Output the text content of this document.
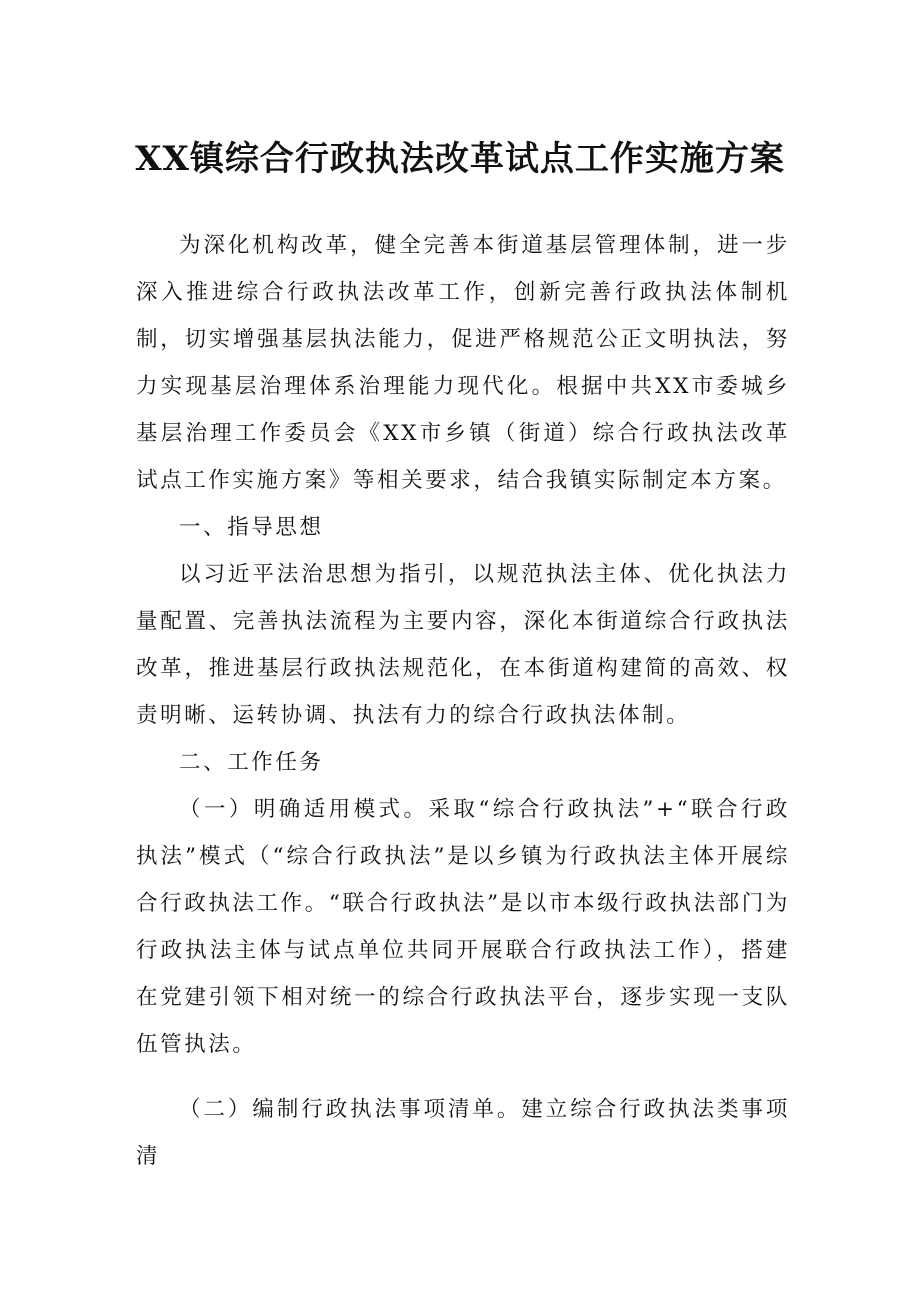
XX镇综合行政执法改革试点工作实施方案

为深化机构改革，健全完善本街道基层管理体制，进一步深入推进综合行政执法改革工作，创新完善行政执法体制机制，切实增强基层执法能力，促进严格规范公正文明执法，努力实现基层治理体系治理能力现代化。根据中共XX市委城乡基层治理工作委员会《XX市乡镇（街道）综合行政执法改革试点工作实施方案》等相关要求，结合我镇实际制定本方案。

一、指导思想

以习近平法治思想为指引，以规范执法主体、优化执法力量配置、完善执法流程为主要内容，深化本街道综合行政执法改革，推进基层行政执法规范化，在本街道构建简的高效、权责明晰、运转协调、执法有力的综合行政执法体制。

二、工作任务

（一）明确适用模式。采取“综合行政执法”+“联合行政执法”模式（“综合行政执法”是以乡镇为行政执法主体开展综合行政执法工作。“联合行政执法”是以市本级行政执法部门为行政执法主体与试点单位共同开展联合行政执法工作），搭建在党建引领下相对统一的综合行政执法平台，逐步实现一支队伍管执法。

（二）编制行政执法事项清单。建立综合行政执法类事项清
